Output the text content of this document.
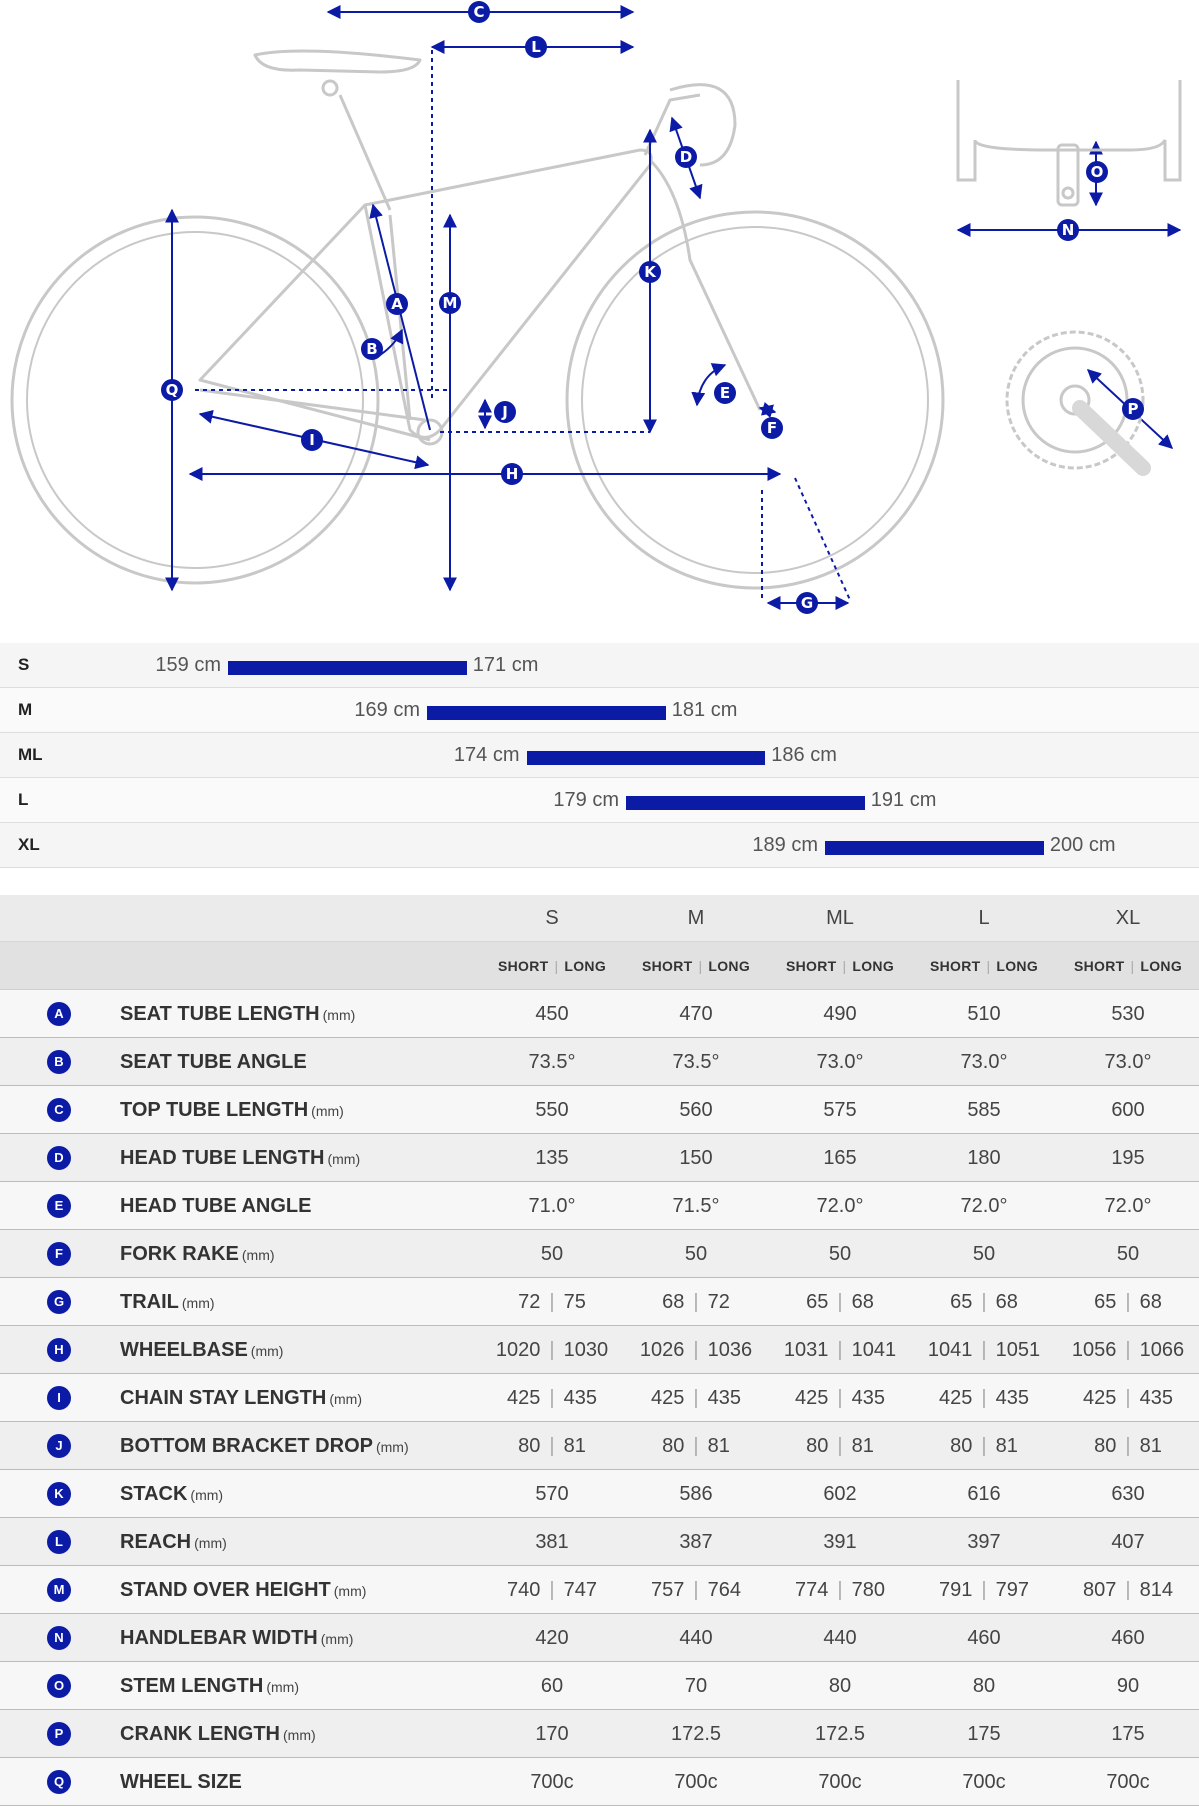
A
B
C
D
E
F
G
H
I
J
K
L
M
N
O
P
Q
S	159 cm	171 cm
M	169 cm	181 cm
ML	174 cm	186 cm
L	179 cm	191 cm
XL	189 cm	200 cm
S	M	ML	L	XL
SHORT | LONG	SHORT | LONG	SHORT | LONG	SHORT | LONG	SHORT | LONG
A	SEAT TUBE LENGTH (mm)	450	470	490	510	530
B	SEAT TUBE ANGLE	73.5°	73.5°	73.0°	73.0°	73.0°
C	TOP TUBE LENGTH (mm)	550	560	575	585	600
D	HEAD TUBE LENGTH (mm)	135	150	165	180	195
E	HEAD TUBE ANGLE	71.0°	71.5°	72.0°	72.0°	72.0°
F	FORK RAKE (mm)	50	50	50	50	50
G	TRAIL (mm)	72 | 75	68 | 72	65 | 68	65 | 68	65 | 68
H	WHEELBASE (mm)	1020 | 1030	1026 | 1036	1031 | 1041	1041 | 1051	1056 | 1066
I	CHAIN STAY LENGTH (mm)	425 | 435	425 | 435	425 | 435	425 | 435	425 | 435
J	BOTTOM BRACKET DROP (mm)	80 | 81	80 | 81	80 | 81	80 | 81	80 | 81
K	STACK (mm)	570	586	602	616	630
L	REACH (mm)	381	387	391	397	407
M	STAND OVER HEIGHT (mm)	740 | 747	757 | 764	774 | 780	791 | 797	807 | 814
N	HANDLEBAR WIDTH (mm)	420	440	440	460	460
O	STEM LENGTH (mm)	60	70	80	80	90
P	CRANK LENGTH (mm)	170	172.5	172.5	175	175
Q	WHEEL SIZE	700c	700c	700c	700c	700c
